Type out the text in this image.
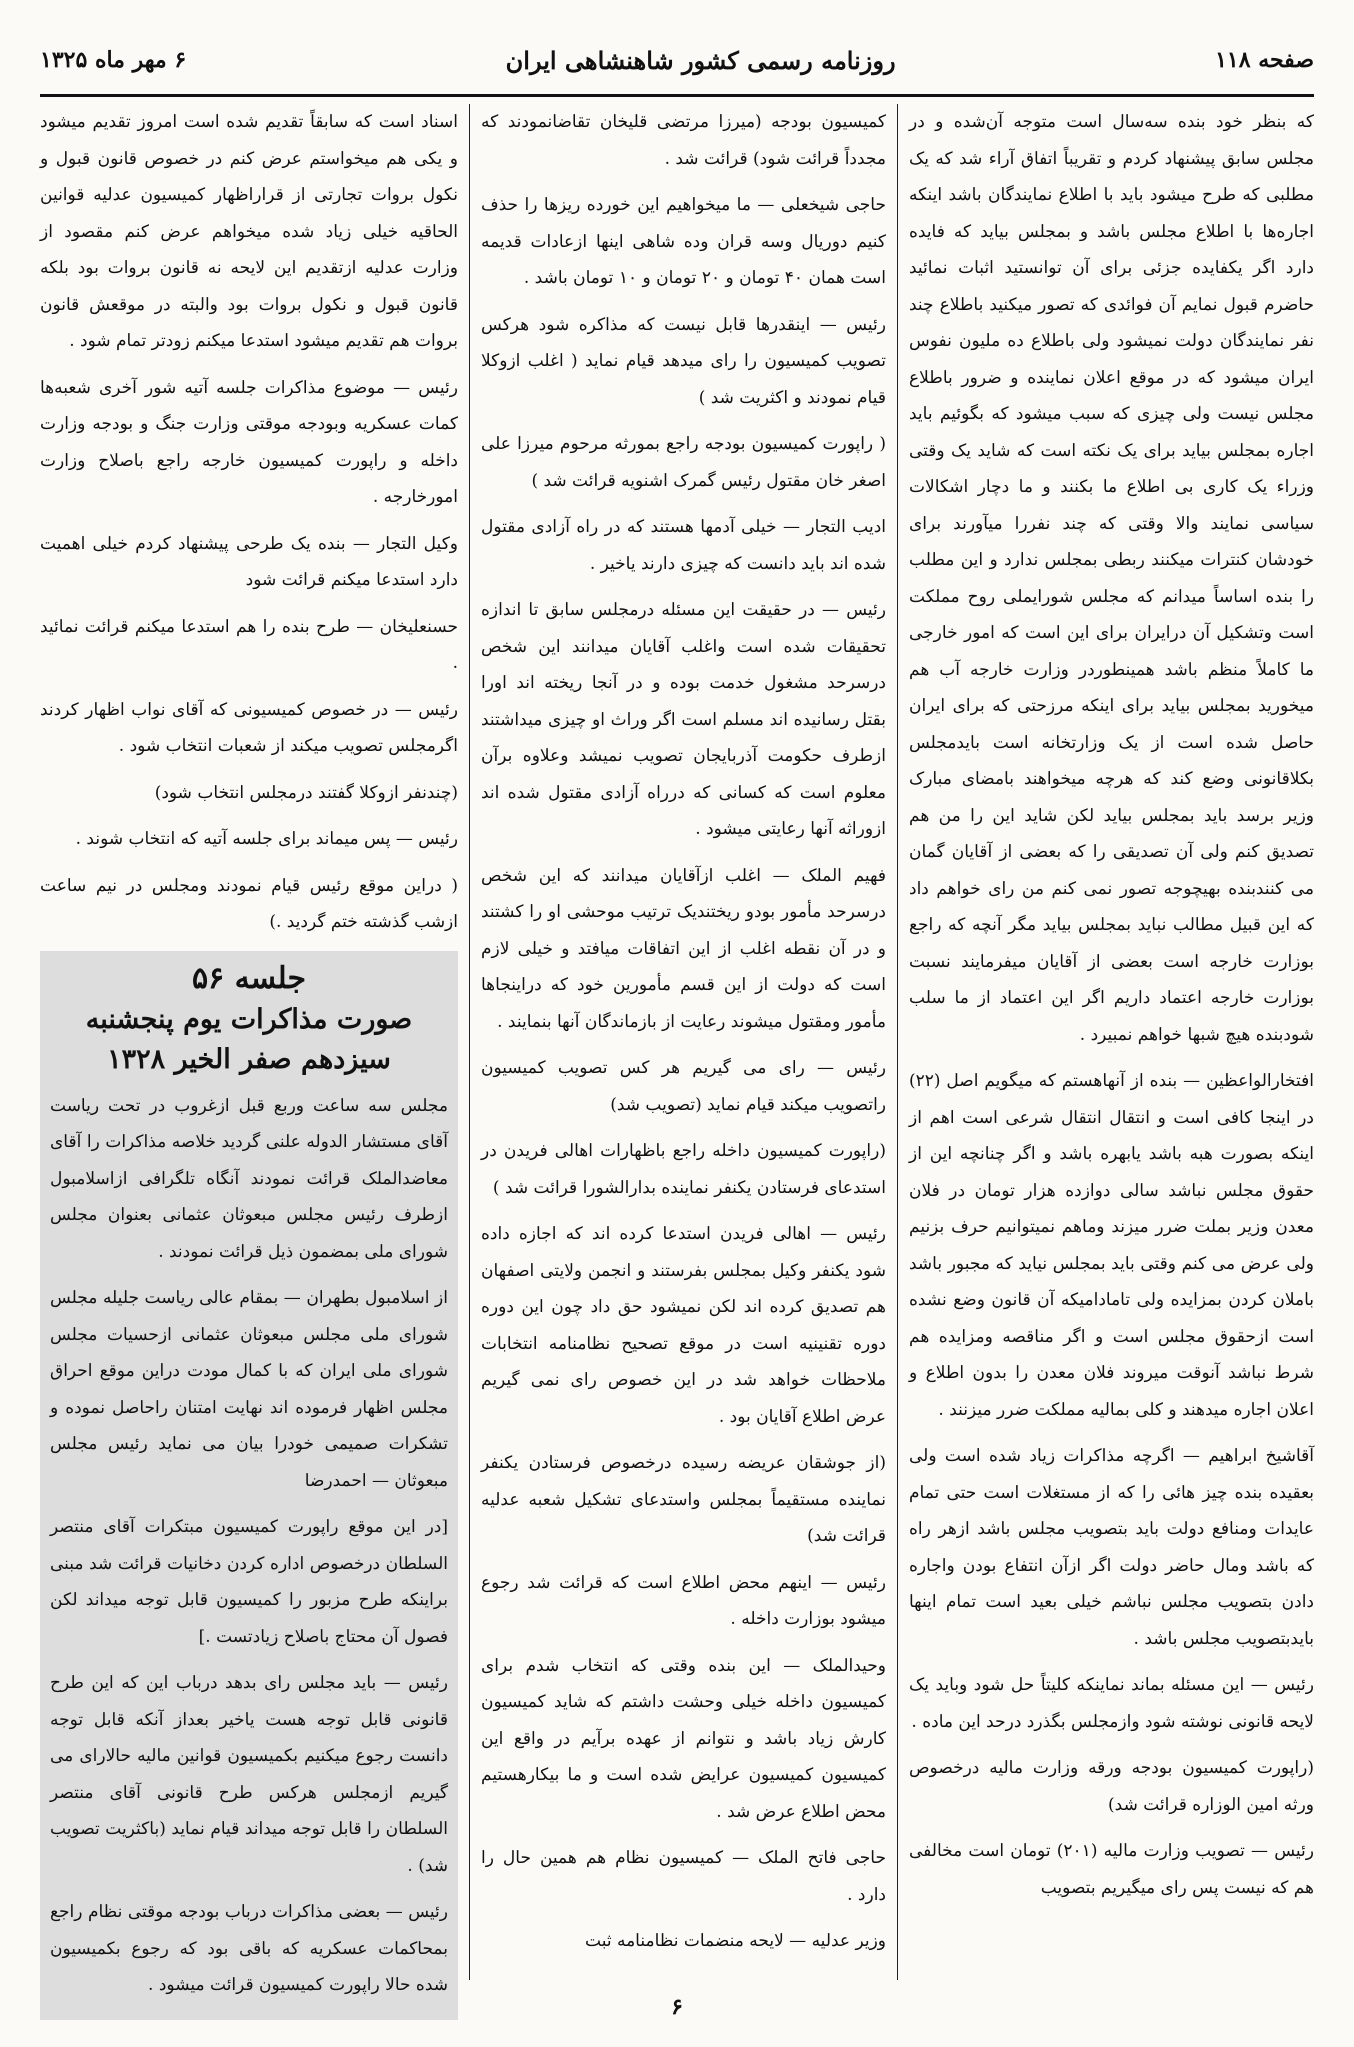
صفحه ۱۱۸
روزنامه رسمی کشور شاهنشاهی ایران
۶ مهر ماه ۱۳۲۵

که بنظر خود بنده سه‌سال است متوجه آن‌شده و در مجلس سابق پیشنهاد کردم و تقریباً اتفاق آراء شد که یک مطلبی که طرح میشود باید با اطلاع نمایندگان باشد اینکه اجاره‌ها با اطلاع مجلس باشد و بمجلس بیاید که فایده دارد اگر یکفایده جزئی برای آن توانستید اثبات نمائید حاضرم قبول نمایم آن فوائدی که تصور میکنید باطلاع چند نفر نمایندگان دولت نمیشود ولی باطلاع ده ملیون نفوس ایران میشود که در موقع اعلان نماینده و ضرور باطلاع مجلس نیست ولی چیزی که سبب میشود که بگوئیم باید اجاره بمجلس بیاید برای یک نکته است که شاید یک وقتی وزراء یک کاری بی اطلاع ما بکنند و ما دچار اشکالات سیاسی نمایند والا وقتی که چند نفررا میآورند برای خودشان کنترات میکنند ربطی بمجلس ندارد و این مطلب را بنده اساساً میدانم که مجلس شورایملی روح مملکت است وتشکیل آن درایران برای این است که امور خارجی ما کاملاً منظم باشد همینطوردر وزارت خارجه آب هم میخورید بمجلس بیاید برای اینکه مرزحتی که برای ایران حاصل شده است از یک وزارتخانه است بایدمجلس بکلاقانونی وضع کند که هرچه میخواهند بامضای مبارک وزیر برسد باید بمجلس بیاید لکن شاید این را من هم تصدیق کنم ولی آن تصدیقی را که بعضی از آقایان گمان می کنندبنده بهیچوجه تصور نمی کنم من رای خواهم داد که این قبیل مطالب نباید بمجلس بیاید مگر آنچه که راجع بوزارت خارجه است بعضی از آقایان میفرمایند نسبت بوزارت خارجه اعتماد داریم اگر این اعتماد از ما سلب شودبنده هیچ شبها خواهم نمبیرد .

افتخارالواعظین — بنده از آنهاهستم که میگویم اصل (۲۲) در اینجا کافی است و انتقال انتقال شرعی است اهم از اینکه بصورت هبه باشد یابهره باشد و اگر چنانچه این از حقوق مجلس نباشد سالی دوازده هزار تومان در فلان معدن وزیر بملت ضرر میزند وماهم نمیتوانیم حرف بزنیم ولی عرض می کنم وقتی باید بمجلس نیاید که مجبور باشد باملان کردن بمزایده ولی تامادامیکه آن قانون وضع نشده است ازحقوق مجلس است و اگر مناقصه ومزایده هم شرط نباشد آنوقت میروند فلان معدن را بدون اطلاع و اعلان اجاره میدهند و کلی بمالیه مملکت ضرر میزنند .

آقاشیخ ابراهیم — اگرچه مذاکرات زیاد شده است ولی بعقیده بنده چیز هائی را که از مستغلات است حتی تمام عایدات ومنافع دولت باید بتصویب مجلس باشد ازهر راه که باشد ومال حاضر دولت اگر ازآن انتفاع بودن واجاره دادن بتصویب مجلس نباشم خیلی بعید است تمام اینها بایدبتصویب مجلس باشد .

رئیس — این مسئله بماند نماینکه کلیتاً حل شود وباید یک لایحه قانونی نوشته شود وازمجلس بگذرد درحد این ماده .

(راپورت کمیسیون بودجه ورقه وزارت مالیه درخصوص ورثه امین الوزاره قرائت شد)

رئیس — تصویب وزارت مالیه (۲۰۱) تومان است مخالفی هم که نیست پس رای میگیریم بتصویب

کمیسیون بودجه (میرزا مرتضی قلیخان تقاضانمودند که مجدداً قرائت شود) قرائت شد .

حاجی شیخعلی — ما میخواهیم این خورده ریزها را حذف کنیم دوریال وسه قران وده شاهی اینها ازعادات قدیمه است همان ۴۰ تومان و ۲۰ تومان و ۱۰ تومان باشد .

رئیس — اینقدرها قابل نیست که مذاکره شود هرکس تصویب کمیسیون را رای میدهد قیام نماید ( اغلب ازوکلا قیام نمودند و اکثریت شد )

( راپورت کمیسیون بودجه راجع بمورثه مرحوم میرزا علی اصغر خان مقتول رئیس گمرک اشنویه قرائت شد )

ادیب التجار — خیلی آدمها هستند که در راه آزادی مقتول شده اند باید دانست که چیزی دارند یاخیر .

رئیس — در حقیقت این مسئله درمجلس سابق تا اندازه تحقیقات شده است واغلب آقایان میدانند این شخص درسرحد مشغول خدمت بوده و در آنجا ریخته اند اورا بقتل رسانیده اند مسلم است اگر وراث او چیزی میداشتند ازطرف حکومت آذربایجان تصویب نمیشد وعلاوه برآن معلوم است که کسانی که درراه آزادی مقتول شده اند ازوراثه آنها رعایتی میشود .

فهیم الملک — اغلب ازآقایان میدانند که این شخص درسرحد مأمور بودو ریختندیک ترتیب موحشی او را کشتند و در آن نقطه اغلب از این اتفاقات میافتد و خیلی لازم است که دولت از این قسم مأمورین خود که دراینجاها مأمور ومقتول میشوند رعایت از بازماندگان آنها بنمایند .

رئیس — رای می گیریم هر کس تصویب کمیسیون راتصویب میکند قیام نماید (تصویب شد)

(راپورت کمیسیون داخله راجع باظهارات اهالی فریدن در استدعای فرستادن یکنفر نماینده بدارالشورا قرائت شد )

رئیس — اهالی فریدن استدعا کرده اند که اجازه داده شود یکنفر وکیل بمجلس بفرستند و انجمن ولایتی اصفهان هم تصدیق کرده اند لکن نمیشود حق داد چون این دوره دوره تقنینیه است در موقع تصحیح نظامنامه انتخابات ملاحظات خواهد شد در این خصوص رای نمی گیریم عرض اطلاع آقایان بود .

(از جوشقان عریضه رسیده درخصوص فرستادن یکنفر نماینده مستقیماً بمجلس واستدعای تشکیل شعبه عدلیه قرائت شد)

رئیس — اینهم محض اطلاع است که قرائت شد رجوع میشود بوزارت داخله .

وحیدالملک — این بنده وقتی که انتخاب شدم برای کمیسیون داخله خیلی وحشت داشتم که شاید کمیسیون کارش زیاد باشد و نتوانم از عهده برآیم در واقع این کمیسیون کمیسیون عرایض شده است و ما بیکارهستیم محض اطلاع عرض شد .

حاجی فاتح الملک — کمیسیون نظام هم همین حال را دارد .

وزیر عدلیه — لایحه منضمات نظامنامه ثبت

اسناد است که سابقاً تقدیم شده است امروز تقدیم میشود و یکی هم میخواستم عرض کنم در خصوص قانون قبول و نکول بروات تجارتی از قراراظهار کمیسیون عدلیه قوانین الحاقیه خیلی زیاد شده میخواهم عرض کنم مقصود از وزارت عدلیه ازتقدیم این لایحه نه قانون بروات بود بلکه قانون قبول و نکول بروات بود والبته در موقعش قانون بروات هم تقدیم میشود استدعا میکنم زودتر تمام شود .

رئیس — موضوع مذاکرات جلسه آتیه شور آخری شعبه‌ها کمات عسکریه وبودجه موقتی وزارت جنگ و بودجه وزارت داخله و راپورت کمیسیون خارجه راجع باصلاح وزارت امورخارجه .

وکیل التجار — بنده یک طرحی پیشنهاد کردم خیلی اهمیت دارد استدعا میکنم قرائت شود

حسنعلیخان — طرح بنده را هم استدعا میکنم قرائت نمائید .

رئیس — در خصوص کمیسیونی که آقای نواب اظهار کردند اگرمجلس تصویب میکند از شعبات انتخاب شود .

(چندنفر ازوکلا گفتند درمجلس انتخاب شود)

رئیس — پس میماند برای جلسه آتیه که انتخاب شوند .

( دراین موقع رئیس قیام نمودند ومجلس در نیم ساعت ازشب گذشته ختم گردید .)

جلسه ۵۶
صورت مذاکرات یوم پنجشنبه سیزدهم صفر الخیر ۱۳۲۸

مجلس سه ساعت وربع قبل ازغروب در تحت ریاست آقای مستشار الدوله علنی گردید خلاصه مذاکرات را آقای معاضدالملک قرائت نمودند آنگاه تلگرافی ازاسلامبول ازطرف رئیس مجلس مبعوثان عثمانی بعنوان مجلس شورای ملی بمضمون ذیل قرائت نمودند .

از اسلامبول بطهران — بمقام عالی ریاست جلیله مجلس شورای ملی مجلس مبعوثان عثمانی ازحسیات مجلس شورای ملی ایران که با کمال مودت دراین موقع احراق مجلس اظهار فرموده اند نهایت امتنان راحاصل نموده و تشکرات صمیمی خودرا بیان می نماید رئیس مجلس مبعوثان — احمدرضا

[در این موقع راپورت کمیسیون مبتکرات آقای منتصر السلطان درخصوص اداره کردن دخانیات قرائت شد مبنی براینکه طرح مزبور را کمیسیون قابل توجه میداند لکن فصول آن محتاج باصلاح زیادتست .]

رئیس — باید مجلس رای بدهد درباب این که این طرح قانونی قابل توجه هست یاخیر بعداز آنکه قابل توجه دانست رجوع میکنیم بکمیسیون قوانین مالیه حالارای می گیریم ازمجلس هرکس طرح قانونی آقای منتصر السلطان را قابل توجه میداند قیام نماید (باکثریت تصویب شد) .

رئیس — بعضی مذاکرات درباب بودجه موقتی نظام راجع بمحاکمات عسکریه که باقی بود که رجوع بکمیسیون شده حالا راپورت کمیسیون قرائت میشود .

۶
